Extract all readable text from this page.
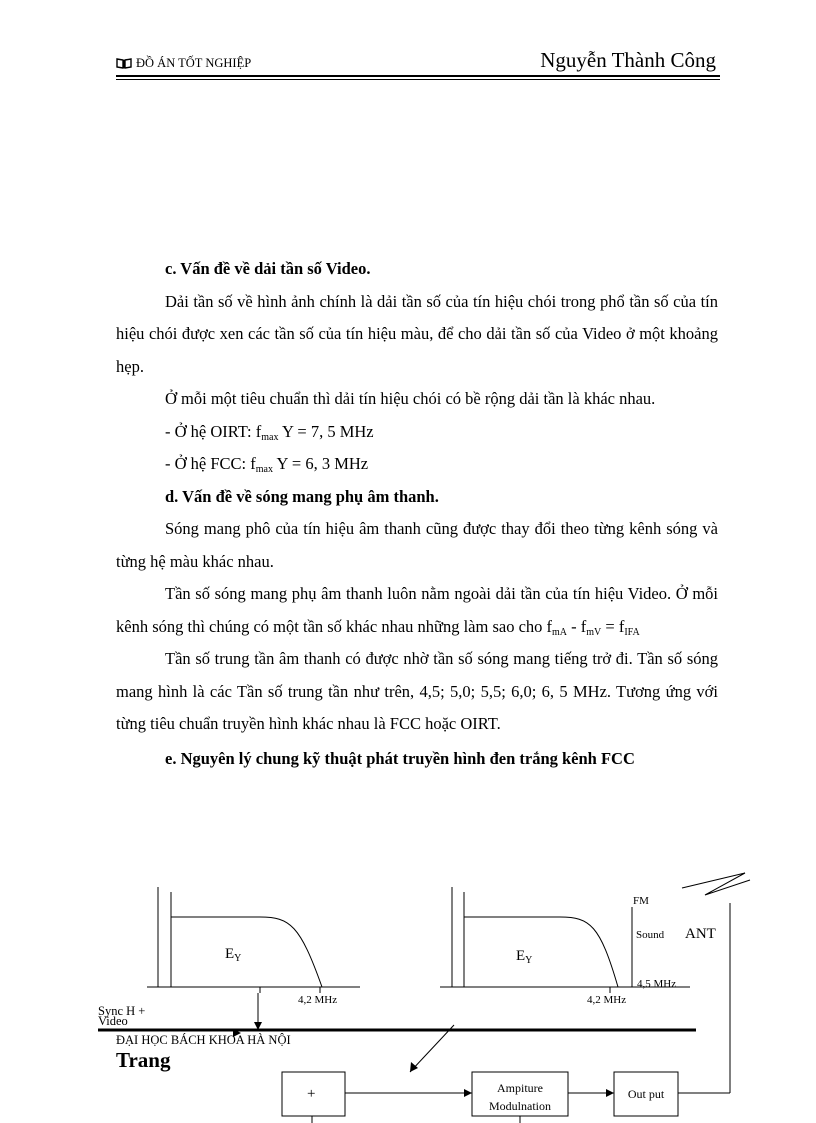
ĐỒ ÁN TỐT NGHIỆP	Nguyễn Thành Công

c. Vấn đề về dải tần số Video.

Dải tần số về hình ảnh chính là dải tần số của tín hiệu chói trong phổ tần số của tín hiệu chói được xen các tần số của tín hiệu màu, để cho dải tần số của Video ở một khoảng hẹp.

Ở mỗi một tiêu chuẩn thì dải tín hiệu chói có bề rộng dải tần là khác nhau.

- Ở hệ OIRT: $f_{max}$ Y = 7, 5 MHz

- Ở hệ FCC: $f_{max}$ Y = 6, 3 MHz

d. Vấn đề về sóng mang phụ âm thanh.

Sóng mang phô của tín hiệu âm thanh cũng được thay đổi theo từng kênh sóng và từng hệ màu khác nhau.

Tần số sóng mang phụ âm thanh luôn nằm ngoài dải tần của tín hiệu Video. Ở mỗi kênh sóng thì chúng có một tần số khác nhau những làm sao cho $f_{mA} - f_{mV} = f_{IFA}$

Tần số trung tần âm thanh có được nhờ tần số sóng mang tiếng trở đi. Tần số sóng mang hình là các Tần số trung tần như trên, 4,5; 5,0; 5,5; 6,0; 6, 5 MHz. Tương ứng với từng tiêu chuẩn truyền hình khác nhau là FCC hoặc OIRT.

e. Nguyên lý chung kỹ thuật phát truyền hình đen trắng kênh FCC

$E_Y$	$E_Y$
4,2 MHz	4,2 MHz
4,5 MHz
FM
Sound ANT
+	Ampiture
Modulnation
Out put
Sync H +
Video
ĐẠI HỌC BÁCH KHOA HÀ NỘI
Trang
